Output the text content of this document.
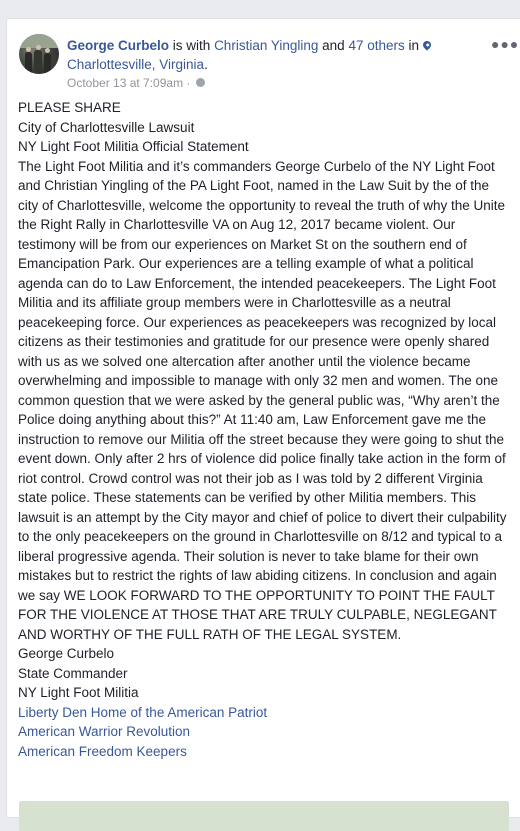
George Curbelo is with Christian Yingling and 47 others inCharlottesville, Virginia.
October 13 at 7:09am ·
●●●

PLEASE SHARE

City of Charlottesville Lawsuit

NY Light Foot Militia Official Statement

The Light Foot Militia and it’s commanders George Curbelo of the NY Light Foot and Christian Yingling of the PA Light Foot, named in the Law Suit by the of the city of Charlottesville, welcome the opportunity to reveal the truth of why the Unite the Right Rally in Charlottesville VA on Aug 12, 2017 became violent. Our testimony will be from our experiences on Market St on the southern end of Emancipation Park. Our experiences are a telling example of what a political agenda can do to Law Enforcement, the intended peacekeepers. The Light Foot Militia and its affiliate group members were in Charlottesville as a neutral peacekeeping force. Our experiences as peacekeepers was recognized by local citizens as their testimonies and gratitude for our presence were openly shared with us as we solved one altercation after another until the violence became overwhelming and impossible to manage with only 32 men and women. The one common question that we were asked by the general public was, “Why aren’t the Police doing anything about this?” At 11:40 am, Law Enforcement gave me the instruction to remove our Militia off the street because they were going to shut the event down. Only after 2 hrs of violence did police finally take action in the form of riot control. Crowd control was not their job as I was told by 2 different Virginia state police. These statements can be verified by other Militia members. This lawsuit is an attempt by the City mayor and chief of police to divert their culpability to the only peacekeepers on the ground in Charlottesville on 8/12 and typical to a liberal progressive agenda. Their solution is never to take blame for their own mistakes but to restrict the rights of law abiding citizens. In conclusion and again we say WE LOOK FORWARD TO THE OPPORTUNITY TO POINT THE FAULT FOR THE VIOLENCE AT THOSE THAT ARE TRULY CULPABLE, NEGLEGANT AND WORTHY OF THE FULL RATH OF THE LEGAL SYSTEM.

George Curbelo

State Commander

NY Light Foot Militia

Liberty Den Home of the American Patriot

American Warrior Revolution

American Freedom Keepers
